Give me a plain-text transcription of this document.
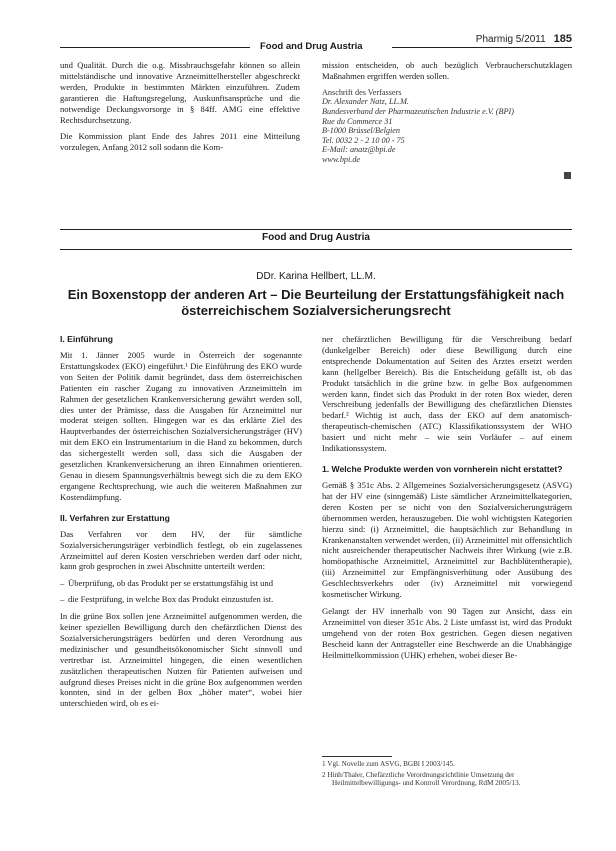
Food and Drug Austria
Pharmig 5/2011 185

und Qualität. Durch die o.g. Missbrauchsgefahr können so allein mittelständische und innovative Arzneimittelhersteller abgeschreckt werden, Produkte in bestimmten Märkten einzuführen. Zudem garantieren die Haftungsregelung, Auskunftsansprüche und die notwendige Deckungsvorsorge in § 84ff. AMG eine effektive Rechtsdurchsetzung.

Die Kommission plant Ende des Jahres 2011 eine Mitteilung vorzulegen, Anfang 2012 soll sodann die Kom-

mission entscheiden, ob auch bezüglich Verbraucherschutzklagen Maßnahmen ergriffen werden sollen.

Anschrift des Verfassers
Dr. Alexander Natz, LL.M.
Bundesverband der Pharmazeutischen Industrie e.V. (BPI)
Rue du Commerce 31
B-1000 Brüssel/Belgien
Tel. 0032 2 - 2 10 00 - 75
E-Mail: anatz@bpi.de
www.bpi.de
Food and Drug Austria
DDr. Karina Hellbert, LL.M.
Ein Boxenstopp der anderen Art – Die Beurteilung der Erstattungsfähigkeit nach österreichischem Sozialversicherungsrecht
I. Einführung

Mit 1. Jänner 2005 wurde in Österreich der sogenannte Erstattungskodex (EKO) eingeführt.¹ Die Einführung des EKO wurde von Seiten der Politik damit begründet, dass dem österreichischen Patienten ein rascher Zugang zu innovativen Arzneimitteln im Rahmen der gesetzlichen Krankenversicherung gewährt werden soll, dies unter der Prämisse, dass die Ausgaben für Arzneimittel nur moderat steigen sollten. Hingegen war es das erklärte Ziel des Hauptverbandes der österreichischen Sozialversicherungsträger (HV) mit dem EKO ein Instrumentarium in die Hand zu bekommen, durch das sichergestellt werden soll, dass sich die Ausgaben der gesetzlichen Krankenversicherung an ihren Einnahmen orientieren. Genau in diesem Spannungsverhältnis bewegt sich die zu dem EKO ergangene Rechtsprechung, wie auch die weiteren Maßnahmen zur Kostendämpfung.

II. Verfahren zur Erstattung

Das Verfahren vor dem HV, der für sämtliche Sozialversicherungsträger verbindlich festlegt, ob ein zugelassenes Arzneimittel auf deren Kosten verschrieben werden darf oder nicht, kann grob gesprochen in zwei Abschnitte unterteilt werden:

– Überprüfung, ob das Produkt per se erstattungsfähig ist und
– die Festprüfung, in welche Box das Produkt einzustufen ist.

In die grüne Box sollen jene Arzneimittel aufgenommen werden, die keiner speziellen Bewilligung durch den chefärztlichen Dienst des Sozialversicherungsträgers bedürfen und deren Verordnung aus medizinischer und gesundheitsökonomischer Sicht sinnvoll und vertretbar ist. Arzneimittel hingegen, die einen wesentlichen zusätzlichen therapeutischen Nutzen für Patienten aufweisen und aufgrund dieses Preises nicht in die grüne Box aufgenommen werden konnten, sind in der gelben Box „höher mater“, wobei hier unterschieden wird, ob es ei-

ner chefärztlichen Bewilligung für die Verschreibung bedarf (dunkelgelber Bereich) oder diese Bewilligung durch eine entsprechende Dokumentation auf Seiten des Arztes ersetzt werden kann (hellgelber Bereich). Bis die Entscheidung gefällt ist, ob das Produkt tatsächlich in die grüne bzw. in gelbe Box aufgenommen werden kann, findet sich das Produkt in der roten Box wieder, deren Verschreibung jedenfalls der Bewilligung des chefärztlichen Dienstes bedarf.² Wichtig ist auch, dass der EKO auf dem anatomisch-therapeutisch-chemischen (ATC) Klassifikationssystem der WHO basiert und nicht mehr – wie sein Vorläufer – auf einem Indikationssystem.

1. Welche Produkte werden von vornherein nicht erstattet?

Gemäß § 351c Abs. 2 Allgemeines Sozialversicherungsgesetz (ASVG) hat der HV eine (sinngemäß) Liste sämtlicher Arzneimittelkategorien, deren Kosten per se nicht von den Sozialversicherungsträgern übernommen werden, herauszugeben. Die wohl wichtigsten Kategorien hierzu sind: (i) Arzneimittel, die hauptsächlich zur Behandlung in Krankenanstalten verwendet werden, (ii) Arzneimittel mit offensichtlich nicht ausreichender therapeutischer Nachweis ihrer Wirkung (wie z.B. homöopathische Arzneimittel, Arzneimittel zur Bachblütentherapie), (iii) Arzneimittel zur Empfängnisverhütung oder Ausübung des Geschlechtsverkehrs oder (iv) Arzneimittel mit vorwiegend kosmetischer Wirkung.

Gelangt der HV innerhalb von 90 Tagen zur Ansicht, dass ein Arzneimittel von dieser 351c Abs. 2 Liste umfasst ist, wird das Produkt umgehend von der roten Box gestrichen. Gegen diesen negativen Bescheid kann der Antragsteller eine Beschwerde an die Unabhängige Heilmittelkommission (UHK) erheben, wobei dieser Be-

1 Vgl. Novelle zum ASVG, BGBl I 2003/145.
2 Hinh/Thaler, Chefärztliche Verordnungsrichtlinie Umsetzung der Heilmittelbewilligungs- und Kontroll Verordnung, RdM 2005/13.
